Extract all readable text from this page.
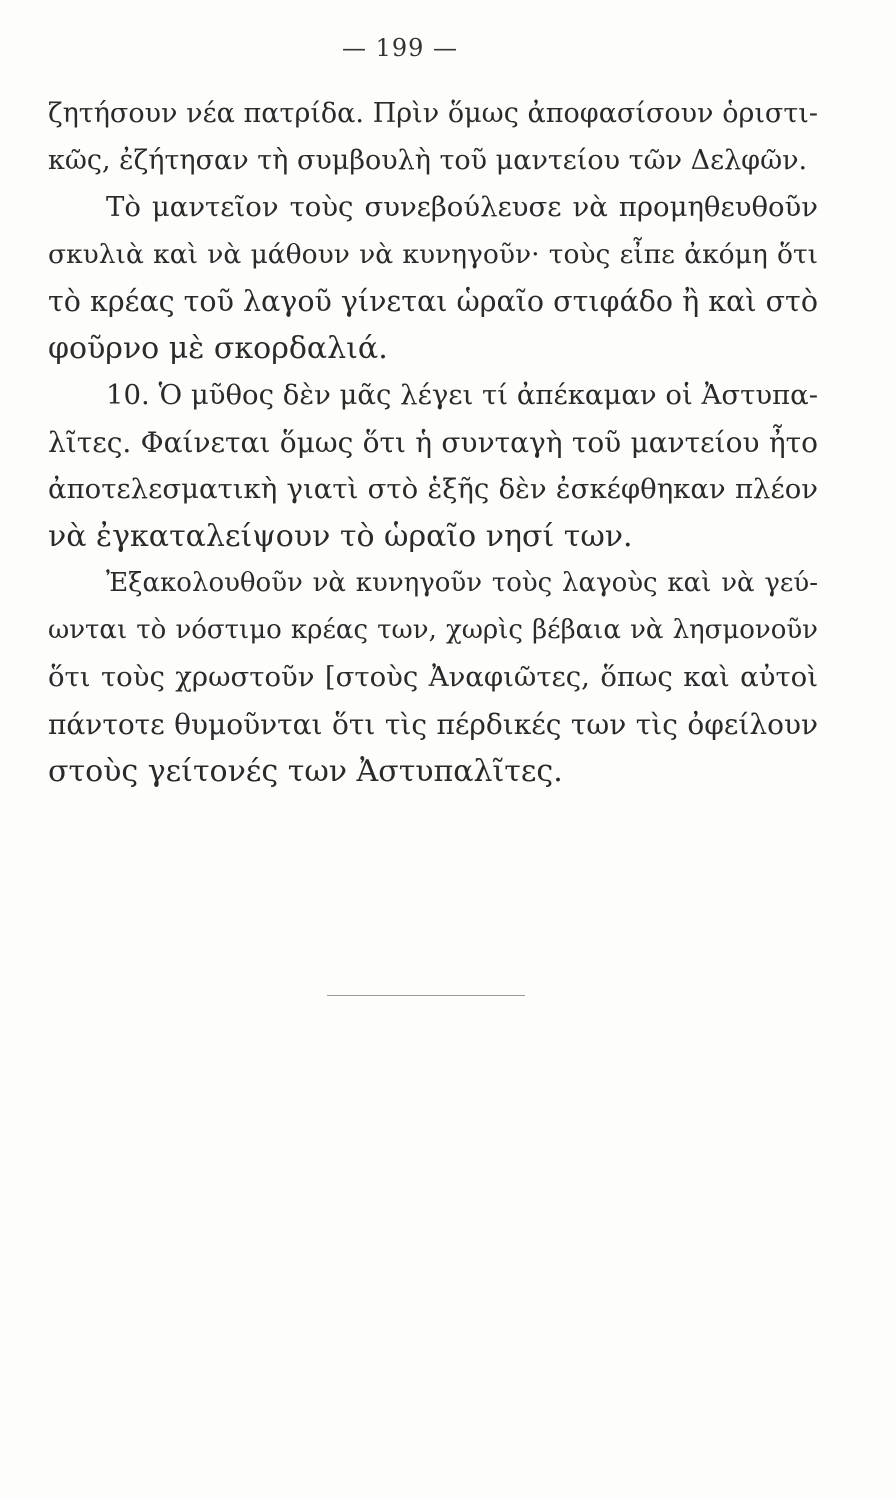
— 199 —
ζητήσουν νέα πατρίδα. Πρὶν ὅμως ἀποφασίσουν ὁριστι-
κῶς, ἐζήτησαν τὴ συμβουλὴ τοῦ μαντείου τῶν Δελφῶν.
Τὸ μαντεῖον τοὺς συνεβούλευσε νὰ προμηθευθοῦν
σκυλιὰ καὶ νὰ μάθουν νὰ κυνηγοῦν· τοὺς εἶπε ἀκόμη ὅτι
τὸ κρέας τοῦ λαγοῦ γίνεται ὡραῖο στιφάδο ἢ καὶ στὸ
φοῦρνο μὲ σκορδαλιά.
10. Ὁ μῦθος δὲν μᾶς λέγει τί ἀπέκαμαν οἱ Ἀστυπα-
λῖτες. Φαίνεται ὅμως ὅτι ἡ συνταγὴ τοῦ μαντείου ἦτο
ἀποτελεσματικὴ γιατὶ στὸ ἑξῆς δὲν ἐσκέφθηκαν πλέον
νὰ ἐγκαταλείψουν τὸ ὡραῖο νησί των.
Ἐξακολουθοῦν νὰ κυνηγοῦν τοὺς λαγοὺς καὶ νὰ γεύ-
ωνται τὸ νόστιμο κρέας των, χωρὶς βέβαια νὰ λησμονοῦν
ὅτι τοὺς χρωστοῦν [στοὺς Ἀναφιῶτες, ὅπως καὶ αὐτοὶ
πάντοτε θυμοῦνται ὅτι τὶς πέρδικές των τὶς ὀφείλουν
στοὺς γείτονές των Ἀστυπαλῖτες.
